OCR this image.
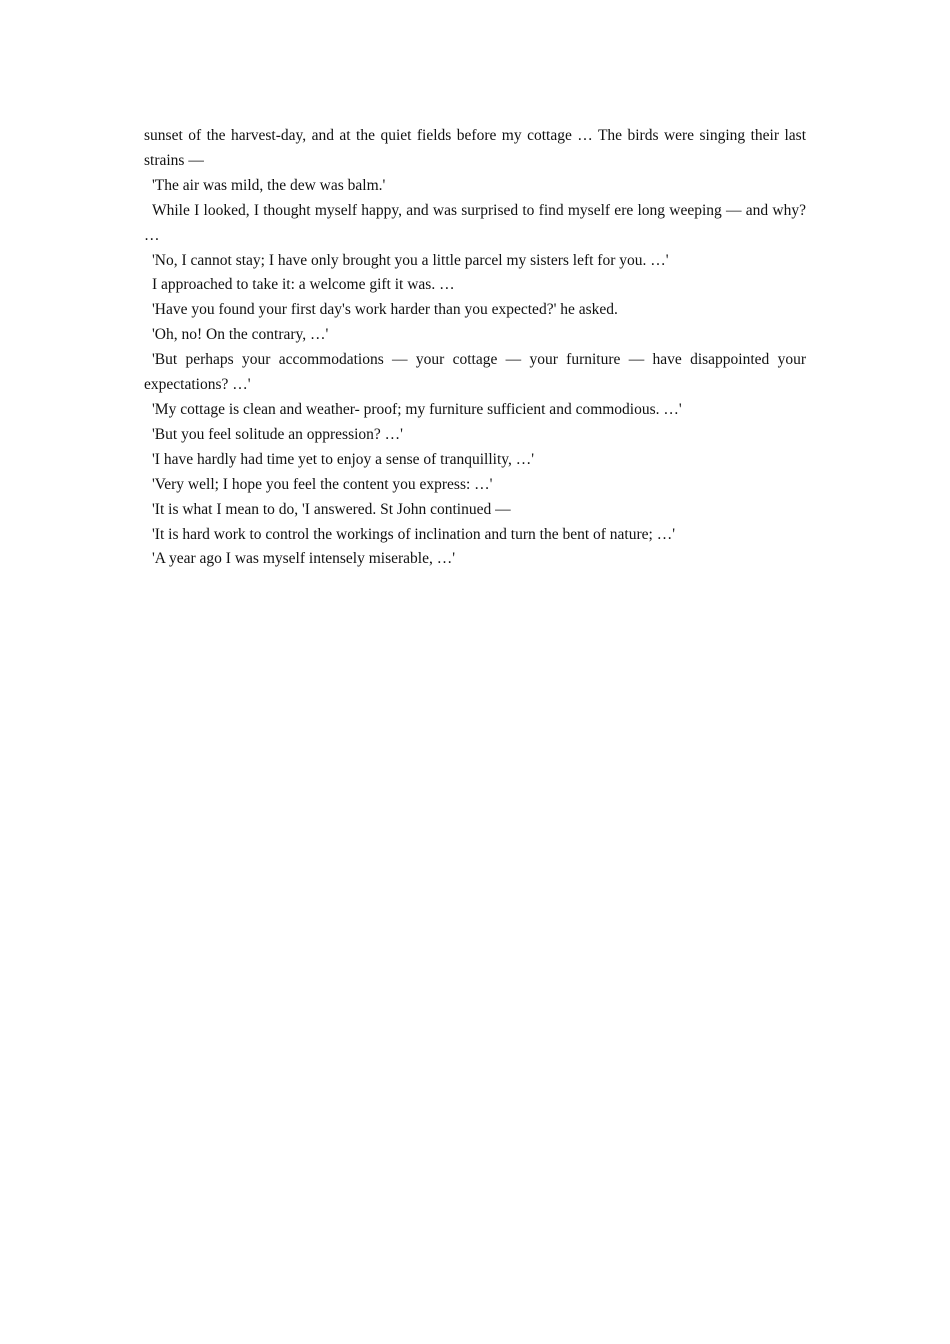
sunset of the harvest-day, and at the quiet fields before my cottage … The birds were singing their last strains —

'The air was mild, the dew was balm.'

While I looked, I thought myself happy, and was surprised to find myself ere long weeping — and why? …

'No, I cannot stay; I have only brought you a little parcel my sisters left for you. …'

I approached to take it: a welcome gift it was. …

'Have you found your first day's work harder than you expected?' he asked.

'Oh, no! On the contrary, …'

'But perhaps your accommodations — your cottage — your furniture — have disappointed your expectations? …'

'My cottage is clean and weather- proof; my furniture sufficient and commodious. …'

'But you feel solitude an oppression? …'

'I have hardly had time yet to enjoy a sense of tranquillity, …'

'Very well; I hope you feel the content you express: …'

'It is what I mean to do, 'I answered. St John continued —

'It is hard work to control the workings of inclination and turn the bent of nature; …'

'A year ago I was myself intensely miserable, …'
